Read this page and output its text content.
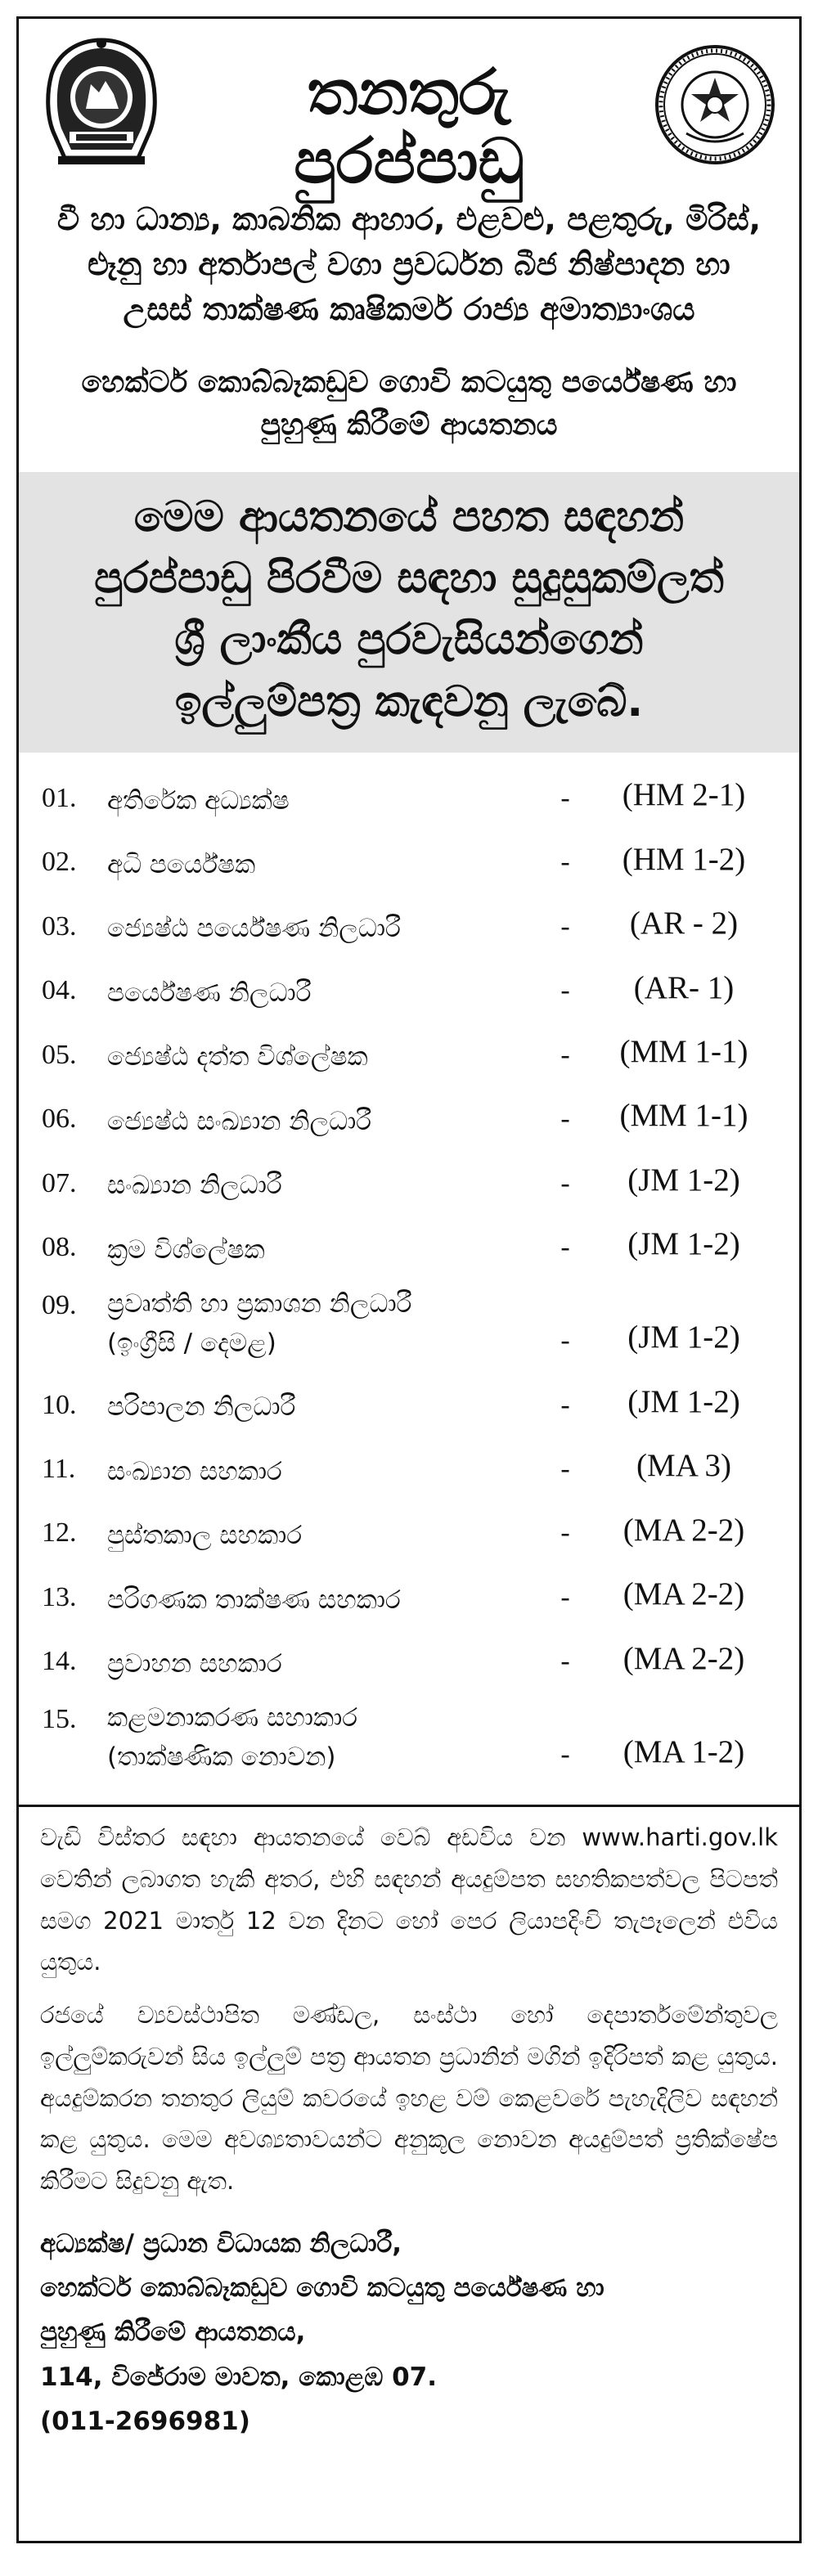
තනතුරු පුරප්පාඩු
වී හා ධාන්‍ය, කාබනික ආහාර, එළවළු, පළතුරු, මිරිස්,
ළූනු හා අර්තාපල් වගා ප්‍රවර්ධන බීජ නිෂ්පාදන හා
උසස් තාක්ෂණ කෘෂිකර්ම රාජ්‍ය අමාත්‍යාංශය
හෙක්ටර් කොබ්බෑකඩුව ගොවි කටයුතු පර්යේෂණ හා
පුහුණු කිරීමේ ආයතනය
මෙම ආයතනයේ පහත සඳහන්
පුරප්පාඩු පිරවීම සඳහා සුදුසුකම්ලත්
ශ්‍රී ලාංකීය පුරවැසියන්ගෙන්
ඉල්ලුම්පත්‍ර කැඳවනු ලැබේ.
01.	අතිරේක අධ්‍යක්ෂ	-	(HM 2-1)
02.	අධි පර්යේෂක	-	(HM 1-2)
03.	ජ්‍යෙෂ්ඨ පර්යේෂණ නිලධාරී	-	(AR - 2)
04.	පර්යේෂණ නිලධාරී	-	(AR- 1)
05.	ජ්‍යෙෂ්ඨ දත්ත විශ්ලේෂක	-	(MM 1-1)
06.	ජ්‍යෙෂ්ඨ සංඛ්‍යාන නිලධාරී	-	(MM 1-1)
07.	සංඛ්‍යාන නිලධාරී	-	(JM 1-2)
08.	ක්‍රම විශ්ලේෂක	-	(JM 1-2)
09.	ප්‍රවෘත්ති හා ප්‍රකාශන නිලධාරී
(ඉංග්‍රීසි / දෙමළ)	-	(JM 1-2)
10.	පරිපාලන නිලධාරී	-	(JM 1-2)
11.	සංඛ්‍යාන සහකාර	-	(MA 3)
12.	පුස්තකාල සහකාර	-	(MA 2-2)
13.	පරිගණක තාක්ෂණ සහකාර	-	(MA 2-2)
14.	ප්‍රවාහන සහකාර	-	(MA 2-2)
15.	කළමනාකරණ සහාකාර
(තාක්ෂණික නොවන)	-	(MA 1-2)
වැඩි විස්තර සඳහා ආයතනයේ වෙබ් අඩවිය වන www.harti.gov.lk වෙතින් ලබාගත හැකි අතර, එහි සඳහන් අයදුම්පත සහතිකපත්වල පිටපත් සමග 2021 මාර්තු 12 වන දිනට හෝ පෙර ලියාපදිංචි තැපෑලෙන් එවිය යුතුය.
රජයේ ව්‍යවස්ථාපිත මණ්ඩල, සංස්ථා හෝ දෙපාර්තමේන්තුවල ඉල්ලුම්කරුවන් සිය ඉල්ලුම් පත්‍ර ආයතන ප්‍රධානින් මගින් ඉදිරිපත් කළ යුතුය. අයදුම්කරන තනතුර ලියුම් කවරයේ ඉහළ වම් කෙළවරේ පැහැදිලිව සඳහන් කළ යුතුය. මෙම අවශ්‍යතාවයන්ට අනුකූල නොවන අයදුම්පත් ප්‍රතික්ෂේප කිරීමට සිදුවනු ඇත.
අධ්‍යක්ෂ/ ප්‍රධාන විධායක නිලධාරී,
හෙක්ටර් කොබ්බෑකඩුව ගොවි කටයුතු පර්යේෂණ හා
පුහුණු කිරීමේ ආයතනය,
114, විජේරාම මාවත, කොළඹ 07.
(011-2696981)
